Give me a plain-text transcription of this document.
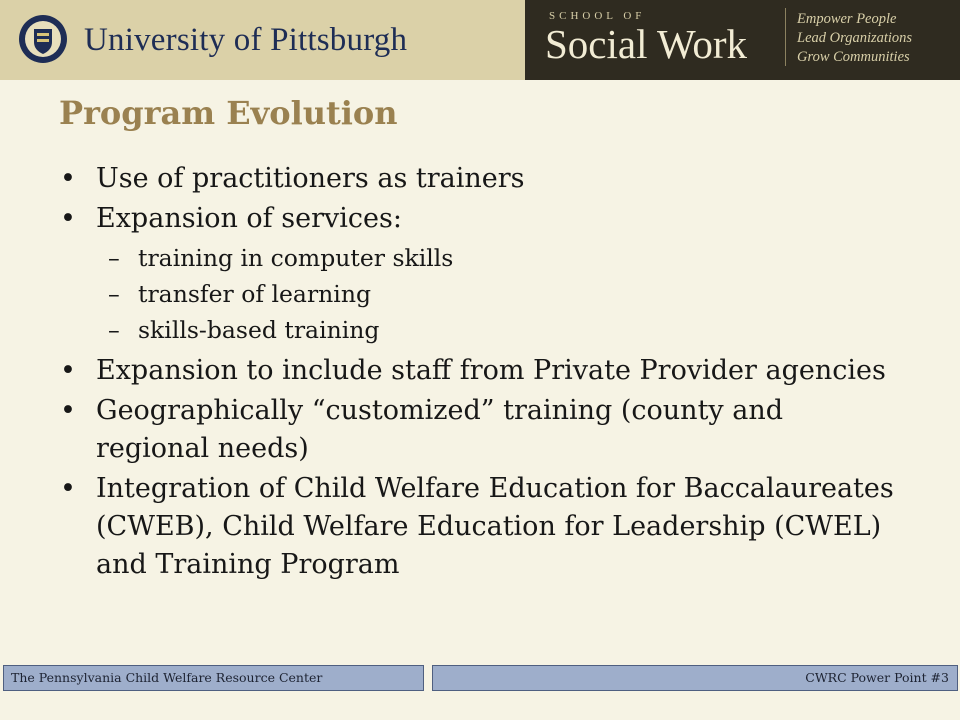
University of Pittsburgh
SCHOOL OF
Social Work
Empower People
Lead Organizations
Grow Communities
Program Evolution
• Use of practitioners as trainers
• Expansion of services:
– training in computer skills
– transfer of learning
– skills-based training
• Expansion to include staff from Private Provider agencies
• Geographically “customized” training (county and regional needs)
• Integration of Child Welfare Education for Baccalaureates (CWEB), Child Welfare Education for Leadership (CWEL) and Training Program
The Pennsylvania Child Welfare Resource Center	CWRC Power Point #3
